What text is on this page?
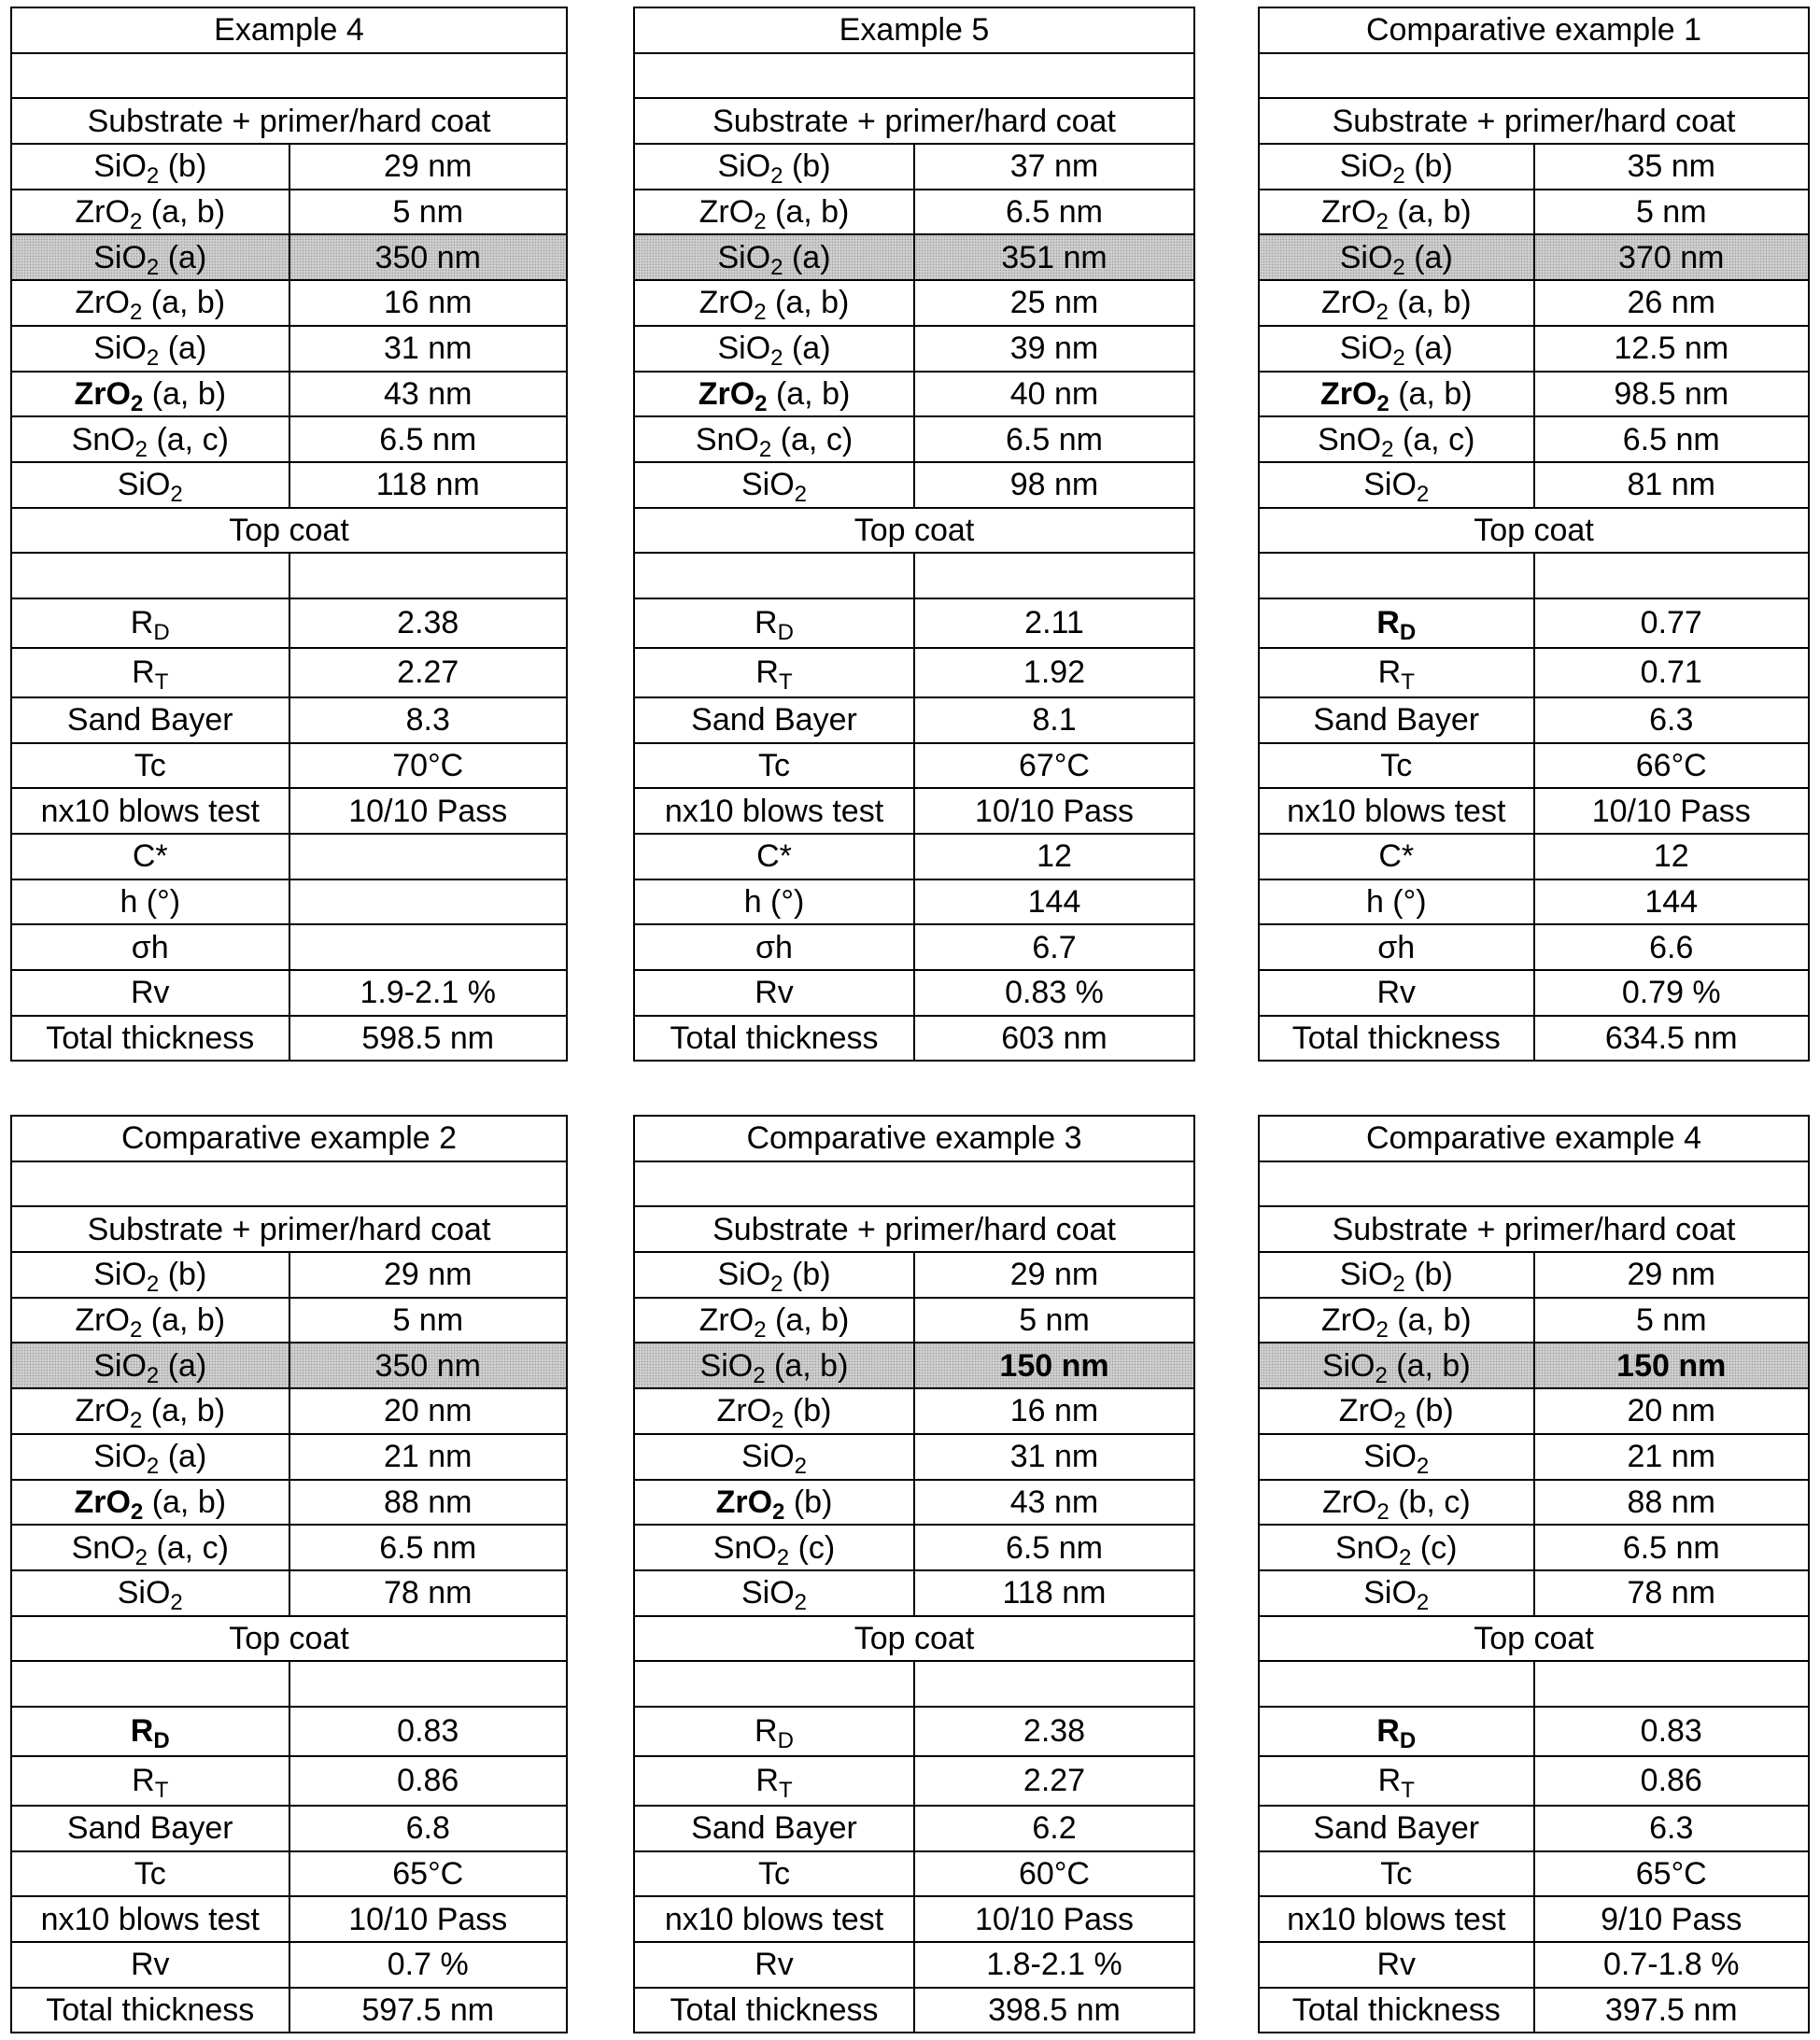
Example 4

Substrate + primer/hard coat
SiO2 (b)	29 nm
ZrO2 (a, b)	5 nm
SiO2 (a)	350 nm
ZrO2 (a, b)	16 nm
SiO2 (a)	31 nm
ZrO2 (a, b)	43 nm
SnO2 (a, c)	6.5 nm
SiO2	118 nm
Top coat

RD	2.38
RT	2.27
Sand Bayer	8.3
Tc	70°C
nx10 blows test	10/10 Pass
C*	
h (°)	
σh	
Rv	1.9-2.1 %
Total thickness	598.5 nm
Example 5

Substrate + primer/hard coat
SiO2 (b)	37 nm
ZrO2 (a, b)	6.5 nm
SiO2 (a)	351 nm
ZrO2 (a, b)	25 nm
SiO2 (a)	39 nm
ZrO2 (a, b)	40 nm
SnO2 (a, c)	6.5 nm
SiO2	98 nm
Top coat

RD	2.11
RT	1.92
Sand Bayer	8.1
Tc	67°C
nx10 blows test	10/10 Pass
C*	12
h (°)	144
σh	6.7
Rv	0.83 %
Total thickness	603 nm
Comparative example 1

Substrate + primer/hard coat
SiO2 (b)	35 nm
ZrO2 (a, b)	5 nm
SiO2 (a)	370 nm
ZrO2 (a, b)	26 nm
SiO2 (a)	12.5 nm
ZrO2 (a, b)	98.5 nm
SnO2 (a, c)	6.5 nm
SiO2	81 nm
Top coat

RD	0.77
RT	0.71
Sand Bayer	6.3
Tc	66°C
nx10 blows test	10/10 Pass
C*	12
h (°)	144
σh	6.6
Rv	0.79 %
Total thickness	634.5 nm
Comparative example 2

Substrate + primer/hard coat
SiO2 (b)	29 nm
ZrO2 (a, b)	5 nm
SiO2 (a)	350 nm
ZrO2 (a, b)	20 nm
SiO2 (a)	21 nm
ZrO2 (a, b)	88 nm
SnO2 (a, c)	6.5 nm
SiO2	78 nm
Top coat

RD	0.83
RT	0.86
Sand Bayer	6.8
Tc	65°C
nx10 blows test	10/10 Pass
Rv	0.7 %
Total thickness	597.5 nm
Comparative example 3

Substrate + primer/hard coat
SiO2 (b)	29 nm
ZrO2 (a, b)	5 nm
SiO2 (a, b)	150 nm
ZrO2 (b)	16 nm
SiO2	31 nm
ZrO2 (b)	43 nm
SnO2 (c)	6.5 nm
SiO2	118 nm
Top coat

RD	2.38
RT	2.27
Sand Bayer	6.2
Tc	60°C
nx10 blows test	10/10 Pass
Rv	1.8-2.1 %
Total thickness	398.5 nm
Comparative example 4

Substrate + primer/hard coat
SiO2 (b)	29 nm
ZrO2 (a, b)	5 nm
SiO2 (a, b)	150 nm
ZrO2 (b)	20 nm
SiO2	21 nm
ZrO2 (b, c)	88 nm
SnO2 (c)	6.5 nm
SiO2	78 nm
Top coat

RD	0.83
RT	0.86
Sand Bayer	6.3
Tc	65°C
nx10 blows test	9/10 Pass
Rv	0.7-1.8 %
Total thickness	397.5 nm
